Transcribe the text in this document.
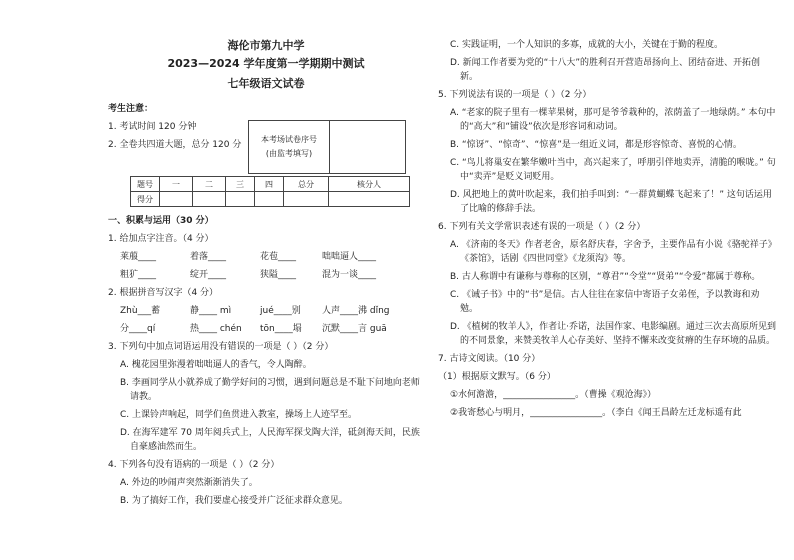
海伦市第九中学
2023—2024 学年度第一学期期中测试
七年级语文试卷
考生注意：
1. 考试时间 120 分钟
2. 全卷共四道大题，总分 120 分
本考场试卷序号
(由监考填写)
题号	一	二	三	四	总分	核分人
得分						
一、积累与运用（30 分）
1. 给加点字注音。（4 分）
莱菔____	着落____	花苞____	咄咄逼人____
粗犷____	绽开____	狭隘____	混为一谈____
2. 根据拼音写汉字（4 分）
Zhù___蓄	静____ mì	jué____别	人声____沸 dǐng
分____qí	热____ chén	tōn____塌	沉默____言 guā
3. 下列句中加点词语运用没有错误的一项是（ ）（2 分）
A. 槐花园里弥漫着咄咄逼人的香气，令人陶醉。
B. 李画同学从小就养成了勤学好问的习惯，遇到问题总是不耻下问地向老师请教。
C. 上课铃声响起，同学们鱼贯进入教室，操场上人迹罕至。
D. 在海军建军 70 周年阅兵式上，人民海军探戈陶大洋，砥剑海天间，民族自豪感油然而生。
4. 下列各句没有语病的一项是（ ）（2 分）
A. 外边的吵闹声突然渐渐消失了。
B. 为了搞好工作，我们要虚心接受并广泛征求群众意见。
C. 实践证明，一个人知识的多寡，成就的大小，关键在于勤的程度。
D. 新闻工作者要为党的“十八大”的胜利召开营造昂扬向上、团结奋进、开拓创新。
5. 下列说法有误的一项是（ ）（2 分）
A. “老家的院子里有一棵苹果树，那可是爷爷栽种的，浓荫盖了一地绿荫。” 本句中的“高大”和“铺设”依次是形容词和动词。
B. “惊讶”、“惊奇”、“惊喜”是一组近义词，都是形容惊奇、喜悦的心情。
C. “鸟儿将巢安在繁华嫩叶当中，高兴起来了，呼朋引伴地卖弄，清脆的喉咙。” 句中“卖弄”是贬义词贬用。
D. 风把地上的黄叶吹起来，我们拍手叫到：“一群黄蝴蝶飞起来了！” 这句话运用了比喻的修辞手法。
6. 下列有关文学常识表述有误的一项是（ ）（2 分）
A. 《济南的冬天》作者老舍，原名舒庆春，字舍予，主要作品有小说《骆驼祥子》《茶馆》，话剧《四世同堂》《龙须沟》等。
B. 古人称谓中有谦称与尊称的区别，“尊君”“令堂”“贤弟”“令爱”都属于尊称。
C. 《诫子书》中的“书”是信。古人往往在家信中寄语子女弟侄，予以教诲和劝勉。
D. 《植树的牧羊人》，作者让·乔诺，法国作家、电影编剧。通过三次去高原所见到的不同景象，来赞美牧羊人心存美好、坚持不懈来改变贫瘠的生存环境的品质。
7. 古诗文阅读。（10 分）
（1）根据原文默写。（6 分）
①水何澹澹，________________。（曹操《观沧海》）
②我寄愁心与明月，________________。（李白《闻王昌龄左迁龙标遥有此
